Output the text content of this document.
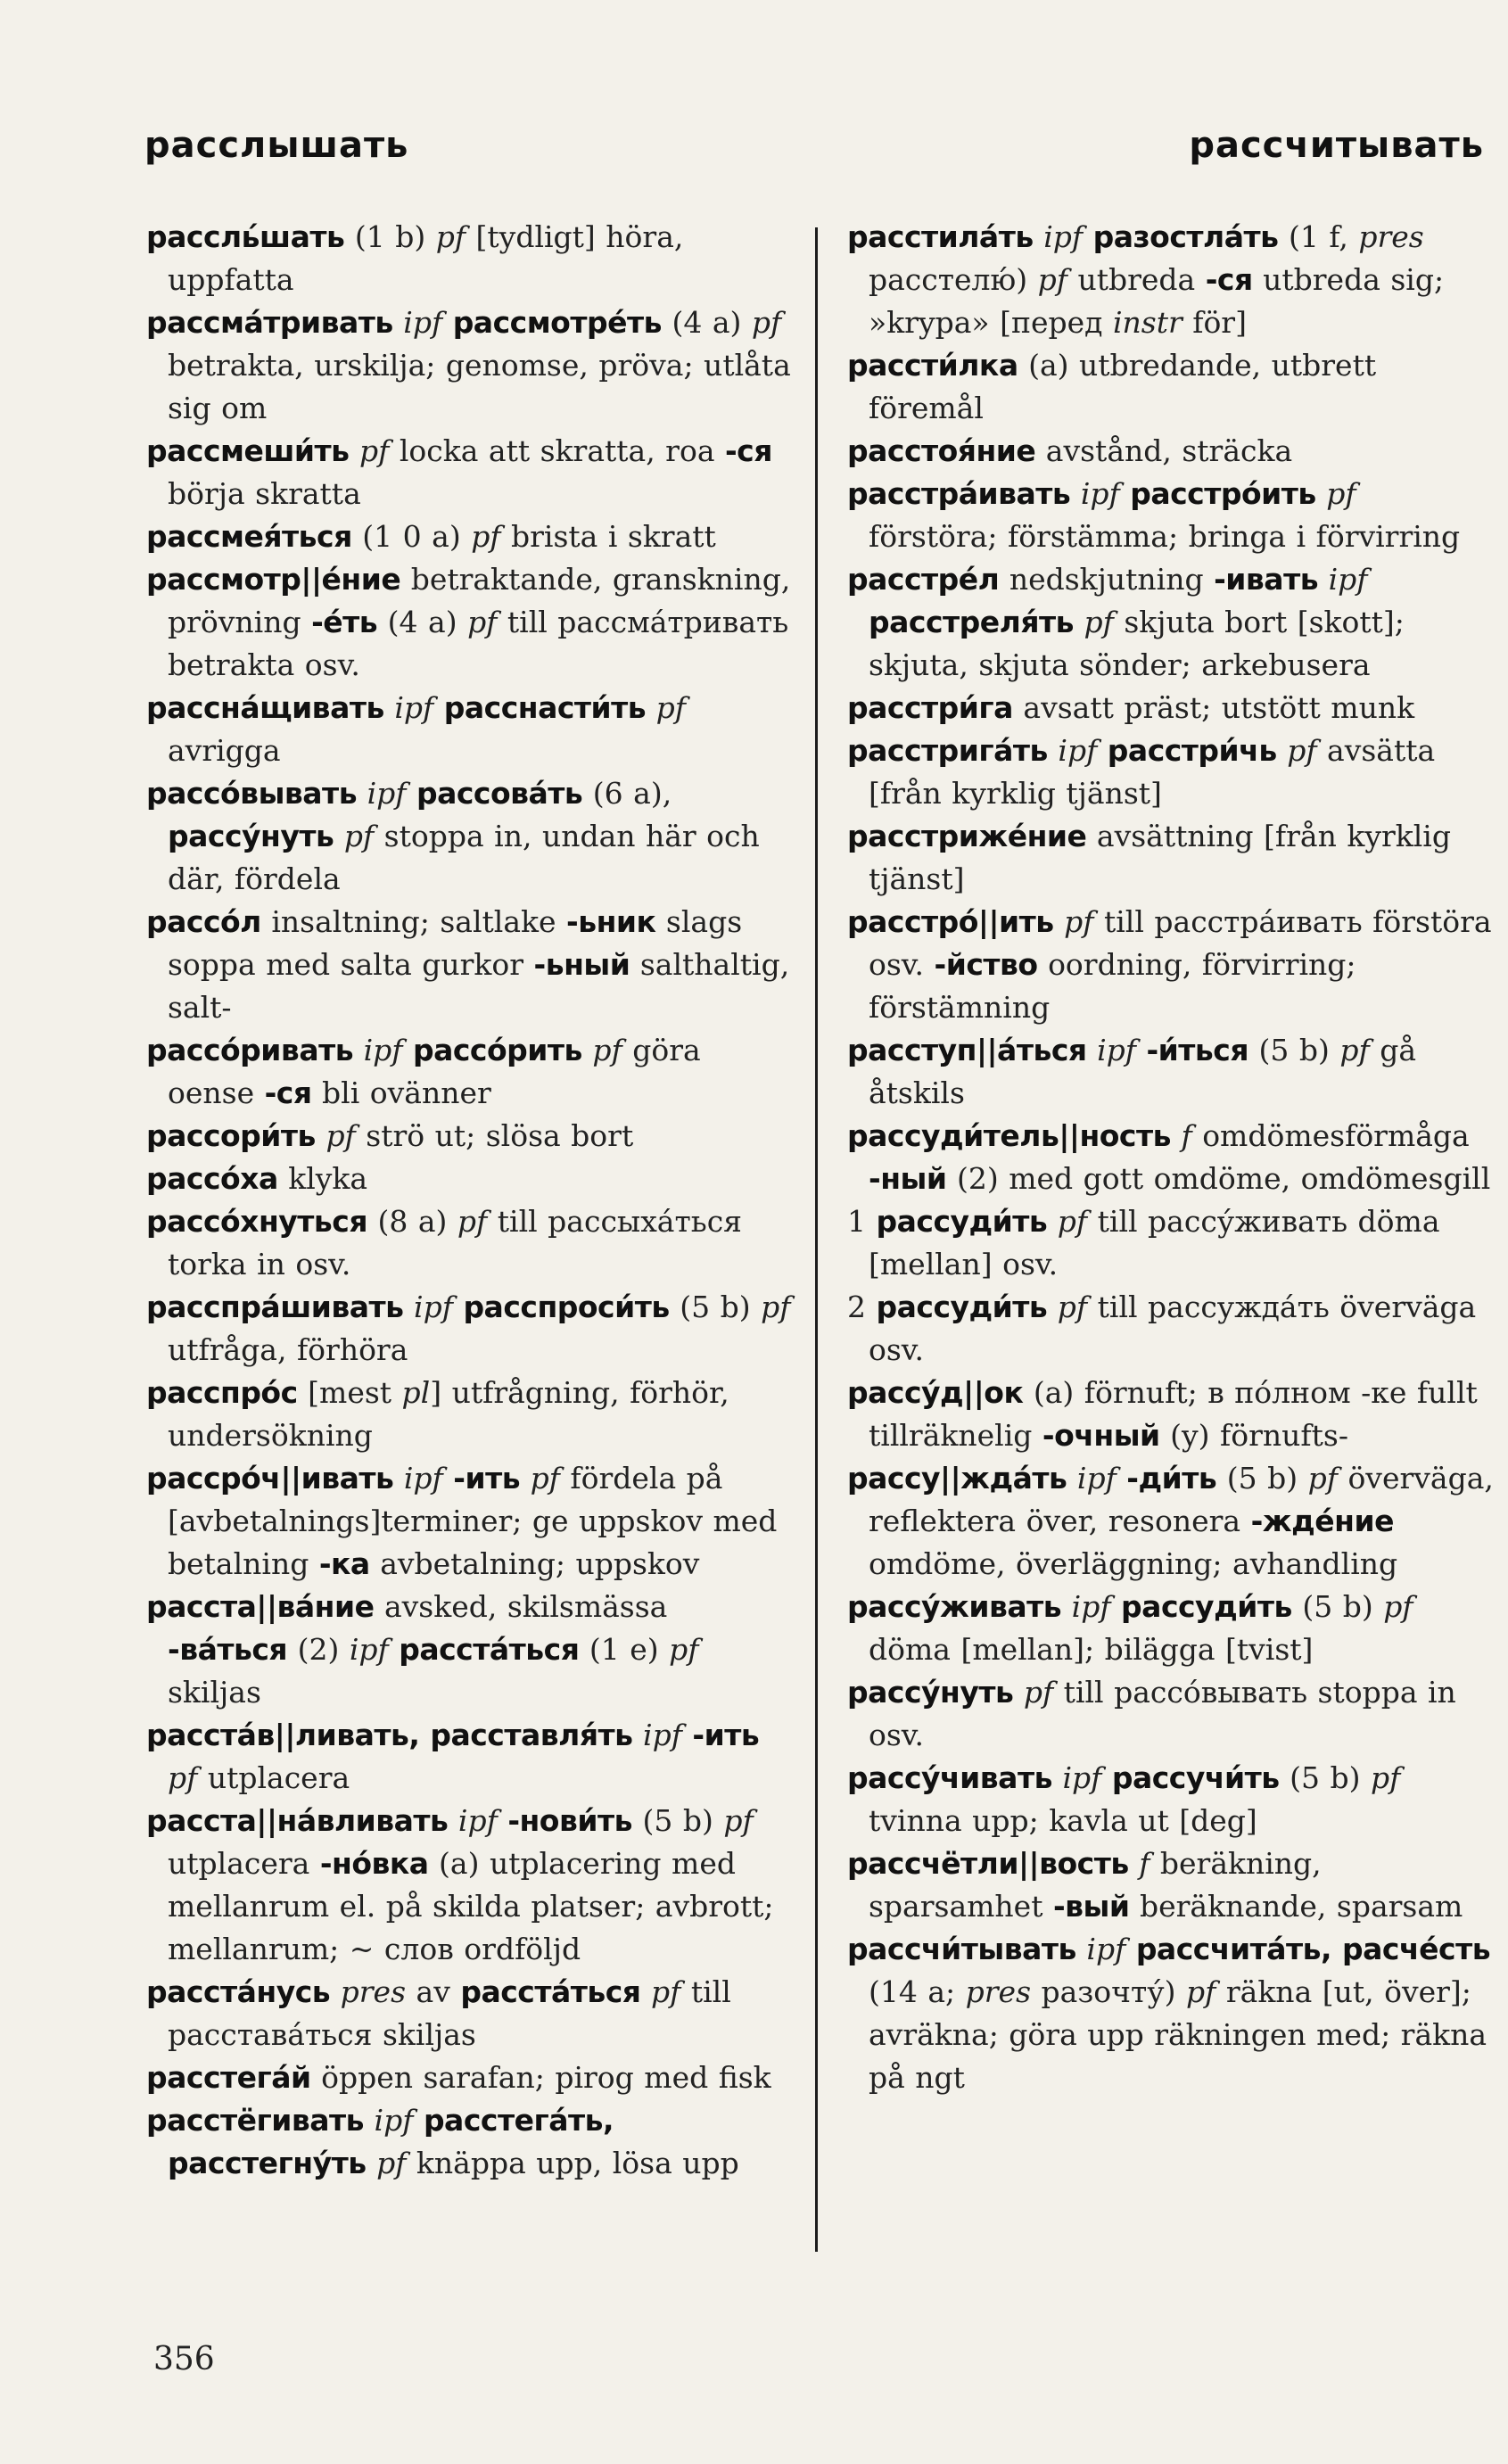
расслышать	рассчитывать
рассль́шать (1 b) pf [tydligt] höra, uppfatta
рассма́тривать ipf рассмотре́ть (4 a) pf betrakta, urskilja; genomse, pröva; utlåta sig om
рассмеши́ть pf locka att skratta, roa -ся börja skratta
рассмея́ться (1 0 a) pf brista i skratt
рассмотр||е́ние betraktande, granskning, prövning -е́ть (4 a) pf till рассма́тривать betrakta osv.
рассна́щивать ipf расснасти́ть pf avrigga
рассо́вывать ipf рассова́ть (6 a), рассу́нуть pf stoppa in, undan här och där, fördela
рассо́л insaltning; saltlake -ьник slags soppa med salta gurkor -ьный salthaltig, salt-
рассо́ривать ipf рассо́рить pf göra oense -ся bli ovänner
рассори́ть pf strö ut; slösa bort
рассо́ха klyka
рассо́хнуться (8 a) pf till рассыха́ться torka in osv.
расспра́шивать ipf расспроси́ть (5 b) pf utfråga, förhöra
расспро́с [mest pl] utfrågning, förhör, undersökning
рассро́ч||ивать ipf -ить pf fördela på [avbetalnings]terminer; ge uppskov med betalning -ка avbetalning; uppskov
расста||ва́ние avsked, skilsmässa -ва́ться (2) ipf расста́ться (1 e) pf skiljas
расста́в||ливать, расставля́ть ipf -ить pf utplacera
расста||на́вливать ipf -нови́ть (5 b) pf utplacera -но́вка (a) utplacering med mellanrum el. på skilda platser; avbrott; mellanrum; ~ слов ordföljd
расста́нусь pres av расста́ться pf till расстава́ться skiljas
расстега́й öppen sarafan; pirog med fisk
расстёгивать ipf расстега́ть, расстегну́ть pf knäppa upp, lösa upp
расстила́ть ipf разостла́ть (1 f, pres расстелю́) pf utbreda -ся utbreda sig; »krypa» [перед instr för]
рассти́лка (a) utbredande, utbrett föremål
расстоя́ние avstånd, sträcka
расстра́ивать ipf расстро́ить pf förstöra; förstämma; bringa i förvirring
расстре́л nedskjutning -ивать ipf расстреля́ть pf skjuta bort [skott]; skjuta, skjuta sönder; arkebusera
расстри́га avsatt präst; utstött munk
расстрига́ть ipf расстри́чь pf avsätta [från kyrklig tjänst]
расстриже́ние avsättning [från kyrklig tjänst]
расстро́||ить pf till расстра́ивать förstöra osv. -йство oordning, förvirring; förstämning
расступ||а́ться ipf -и́ться (5 b) pf gå åtskils
рассуди́тель||ность f omdömesförmåga -ный (2) med gott omdöme, omdömesgill
1 рассуди́ть pf till рассу́живать döma [mellan] osv.
2 рассуди́ть pf till рассужда́ть överväga osv.
рассу́д||ок (a) förnuft; в по́лном -ке fullt tillräknelig -очный (y) förnufts-
рассу||жда́ть ipf -ди́ть (5 b) pf överväga, reflektera över, resonera -жде́ние omdöme, överläggning; avhandling
рассу́живать ipf рассуди́ть (5 b) pf döma [mellan]; bilägga [tvist]
рассу́нуть pf till рассо́вывать stoppa in osv.
рассу́чивать ipf рассучи́ть (5 b) pf tvinna upp; kavla ut [deg]
рассчётли||вость f beräkning, sparsamhet -вый beräknande, sparsam
рассчи́тывать ipf рассчита́ть, расче́сть (14 a; pres разочту́) pf räkna [ut, över]; avräkna; göra upp räkningen med; räkna på ngt
356
